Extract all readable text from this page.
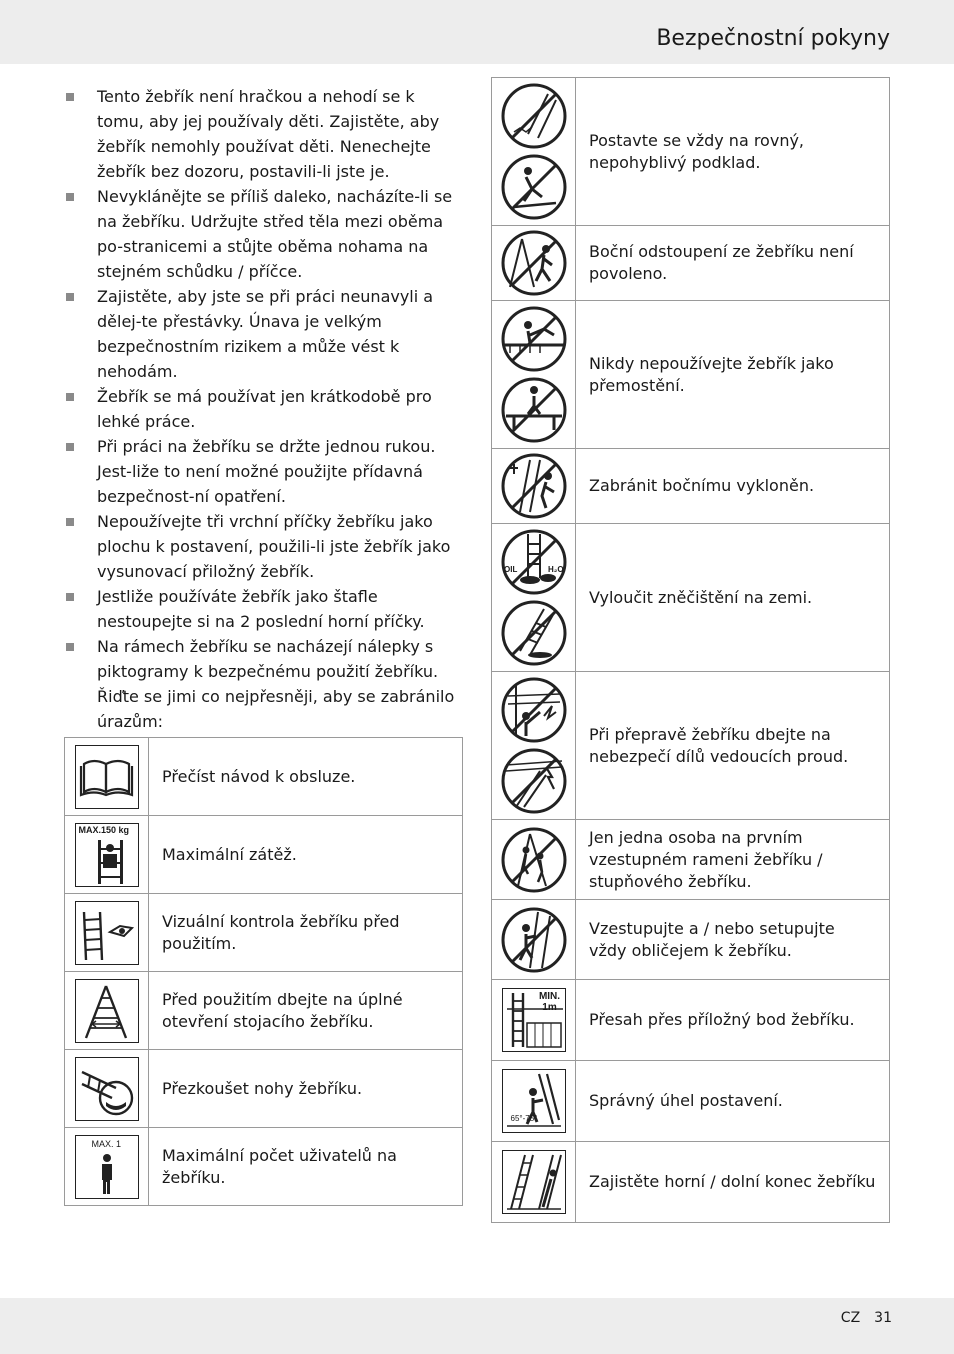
Bezpečnostní pokyny
Tento žebřík není hračkou a nehodí se k tomu, aby jej používaly děti. Zajistěte, aby žebřík nemohly používat děti. Nenechejte žebřík bez dozoru, postavili-li jste je.
Nevyklánějte se příliš daleko, nacházíte-li se na žebříku. Udržujte střed těla mezi oběma po-stranicemi a stůjte oběma nohama na stejném schůdku / příčce.
Zajistěte, aby jste se při práci neunavyli a dělej-te přestávky. Únava je velkým bezpečnostním rizikem a může vést k nehodám.
Žebřík se má používat jen krátkodobě pro lehké práce.
Při práci na žebříku se držte jednou rukou. Jest-liže to není možné použijte přídavná bezpečnost-ní opatření.
Nepoužívejte tři vrchní příčky žebříku jako plochu k postavení, použili-li jste žebřík jako vysunovací přiložný žebřík.
Jestliže používáte žebřík jako štafle nestoupejte si na 2 poslední horní příčky.
Na rámech žebříku se nacházejí nálepky s piktogramy k bezpečnému použití žebříku. Řiďte se jimi co nejpřesněji, aby se zabránilo úrazům:
	Přečíst návod k obsluze.

MAX.150 kg	Maximální zátěž.

	Vizuální kontrola žebříku před použitím.

	Před použitím dbejte na úplné otevření stojacího žebříku.

	Přezkoušet nohy žebříku.

MAX. 1	Maximální počet uživatelů na žebříku.
	Postavte se vždy na rovný, nepohyblivý podklad.

	Boční odstoupení ze žebříku není povoleno.

	Nikdy nepoužívejte žebřík jako přemostění.

	Zabránit bočnímu vykloněn.

OIL H₂O	Vyloučit zněčištění na zemi.

	Při přepravě žebříku dbejte na nebezpečí dílů vedoucích proud.

	Jen jedna osoba na prvním vzestupném rameni žebříku / stupňového žebříku.

	Vzestupujte a / nebo setupujte vždy obličejem k žebříku.

MIN. 1m	Přesah přes příložný bod žebříku.

65°-75°	Správný úhel postavení.

	Zajistěte horní / dolní konec žebříku
CZ 31
